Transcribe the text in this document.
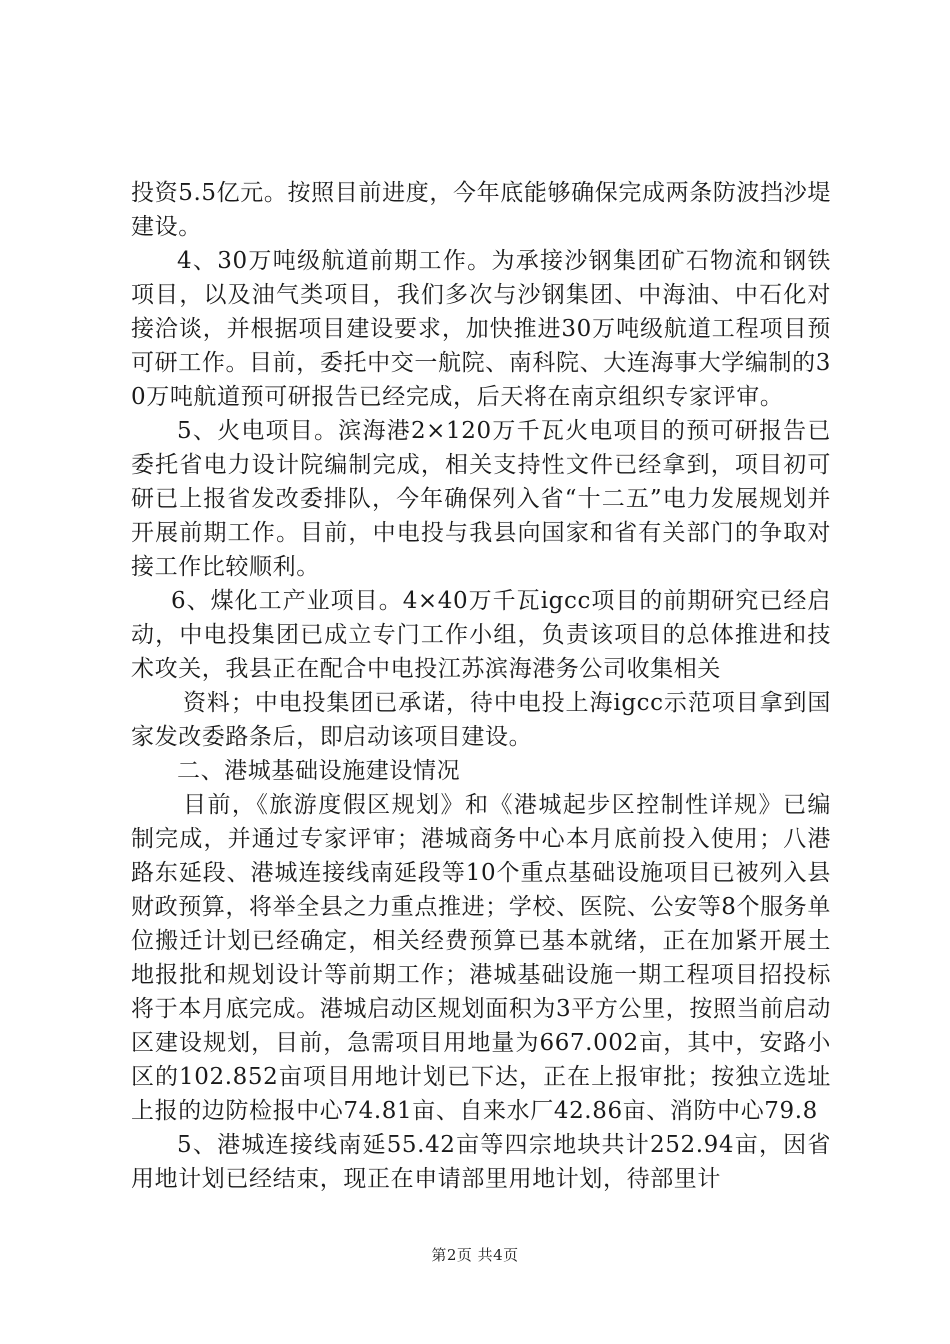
投资5.5亿元。按照目前进度，今年底能够确保完成两条防波挡沙堤建设。

4、30万吨级航道前期工作。为承接沙钢集团矿石物流和钢铁项目，以及油气类项目，我们多次与沙钢集团、中海油、中石化对接洽谈，并根据项目建设要求，加快推进30万吨级航道工程项目预可研工作。目前，委托中交一航院、南科院、大连海事大学编制的30万吨航道预可研报告已经完成，后天将在南京组织专家评审。

5、火电项目。滨海港2×120万千瓦火电项目的预可研报告已委托省电力设计院编制完成，相关支持性文件已经拿到，项目初可研已上报省发改委排队，今年确保列入省“十二五”电力发展规划并开展前期工作。目前，中电投与我县向国家和省有关部门的争取对接工作比较顺利。

6、煤化工产业项目。4×40万千瓦igcc项目的前期研究已经启动，中电投集团已成立专门工作小组，负责该项目的总体推进和技术攻关，我县正在配合中电投江苏滨海港务公司收集相关

资料；中电投集团已承诺，待中电投上海igcc示范项目拿到国家发改委路条后，即启动该项目建设。

二、港城基础设施建设情况

目前，《旅游度假区规划》和《港城起步区控制性详规》已编制完成，并通过专家评审；港城商务中心本月底前投入使用；八港路东延段、港城连接线南延段等10个重点基础设施项目已被列入县财政预算，将举全县之力重点推进；学校、医院、公安等8个服务单位搬迁计划已经确定，相关经费预算已基本就绪，正在加紧开展土地报批和规划设计等前期工作；港城基础设施一期工程项目招投标将于本月底完成。港城启动区规划面积为3平方公里，按照当前启动区建设规划，目前，急需项目用地量为667.002亩，其中，安路小区的102.852亩项目用地计划已下达，正在上报审批；按独立选址上报的边防检报中心74.81亩、自来水厂42.86亩、消防中心79.8

5、港城连接线南延55.42亩等四宗地块共计252.94亩，因省用地计划已经结束，现正在申请部里用地计划，待部里计

第2页 共4页
